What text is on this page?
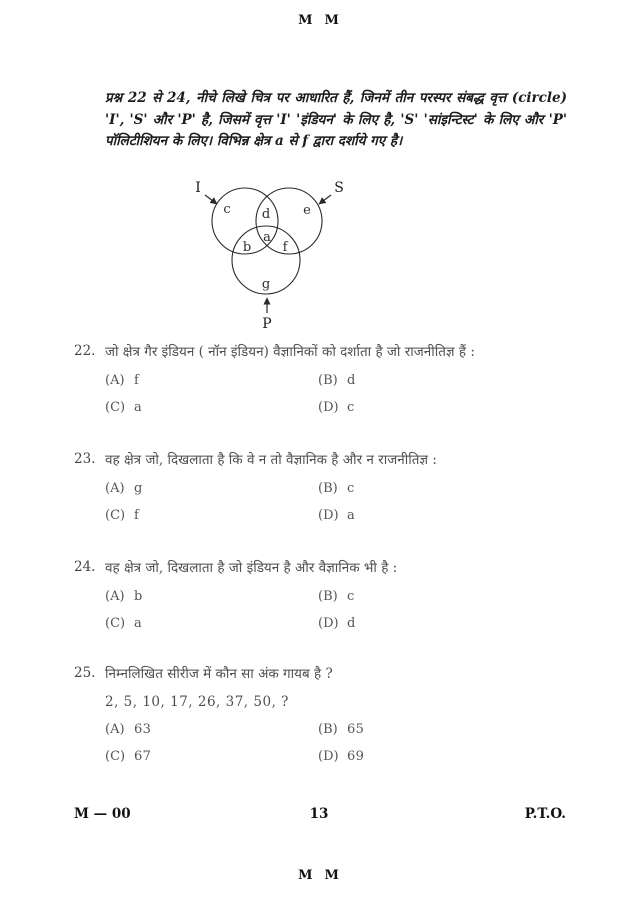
M  M
प्रश्न 22 से 24, नीचे लिखे चित्र पर आधारित हैं, जिनमें तीन परस्पर संबद्ध वृत्त (circle) 'I', 'S' और 'P' है, जिसमें वृत्त 'I' 'इंडियन' के लिए है, 'S' 'सांइन्टिस्ट' के लिए और 'P' पॉलिटीशियन के लिए। विभिन्न क्षेत्र a से f द्वारा दर्शाये गए है।
I	S
P
c d	e
a
b f
g
22. जो क्षेत्र गैर इंडियन ( नॉन इंडियन) वैज्ञानिकों को दर्शाता है जो राजनीतिज्ञ हैं :
(A) f	(B) d
(C) a	(D) c
23. वह क्षेत्र जो, दिखलाता है कि वे न तो वैज्ञानिक है और न राजनीतिज्ञ :
(A) g	(B) c
(C) f	(D) a
24. वह क्षेत्र जो, दिखलाता है जो इंडियन है और वैज्ञानिक भी है :
(A) b	(B) c
(C) a	(D) d
25. निम्नलिखित सीरीज में कौन सा अंक गायब है ?
2, 5, 10, 17, 26, 37, 50, ?
(A) 63	(B) 65
(C) 67	(D) 69
13
M — 00	P.T.O.
M  M
